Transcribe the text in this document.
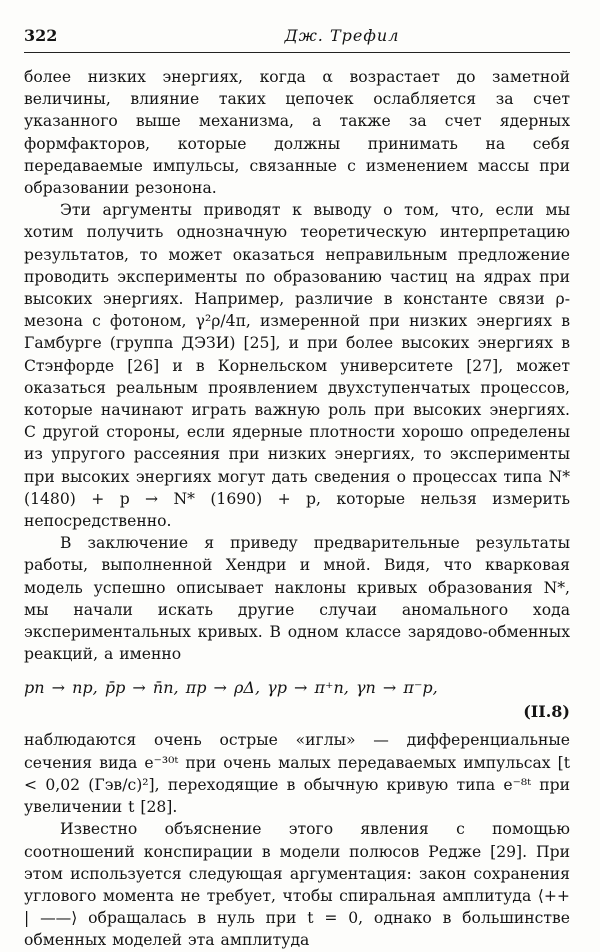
322	Дж. Трефил

более низких энергиях, когда α возрастает до заметной величины, влияние таких цепочек ослабляется за счет указанного выше механизма, а также за счет ядерных формфакторов, которые должны принимать на себя передаваемые импульсы, связанные с изменением массы при образовании резонона.

Эти аргументы приводят к выводу о том, что, если мы хотим получить однозначную теоретическую интерпретацию результатов, то может оказаться неправильным предложение проводить эксперименты по образованию частиц на ядрах при высоких энергиях. Например, различие в константе связи ρ-мезона с фотоном, γ²ρ/4π, измеренной при низких энергиях в Гамбурге (группа ДЭЗИ) [25], и при более высоких энергиях в Стэнфорде [26] и в Корнельском университете [27], может оказаться реальным проявлением двухступенчатых процессов, которые начинают играть важную роль при высоких энергиях. С другой стороны, если ядерные плотности хорошо определены из упругого рассеяния при низких энергиях, то эксперименты при высоких энергиях могут дать сведения о процессах типа N* (1480) + p → N* (1690) + p, которые нельзя измерить непосредственно.

В заключение я приведу предварительные результаты работы, выполненной Хендри и мной. Видя, что кварковая модель успешно описывает наклоны кривых образования N*, мы начали искать другие случаи аномального хода экспериментальных кривых. В одном классе зарядово-обменных реакций, а именно

pn → np, p̄p → n̄n, πp → ρΔ, γp → π⁺n, γn → π⁻p,
(II.8)

наблюдаются очень острые «иглы» — дифференциальные сечения вида e⁻³⁰ᵗ при очень малых передаваемых импульсах [t < 0,02 (Гэв/c)²], переходящие в обычную кривую типа e⁻⁸ᵗ при увеличении t [28].

Известно объяснение этого явления с помощью соотношений конспирации в модели полюсов Редже [29]. При этом используется следующая аргументация: закон сохранения углового момента не требует, чтобы спиральная амплитуда ⟨++ | ——⟩ обращалась в нуль при t = 0, однако в большинстве обменных моделей эта амплитуда
